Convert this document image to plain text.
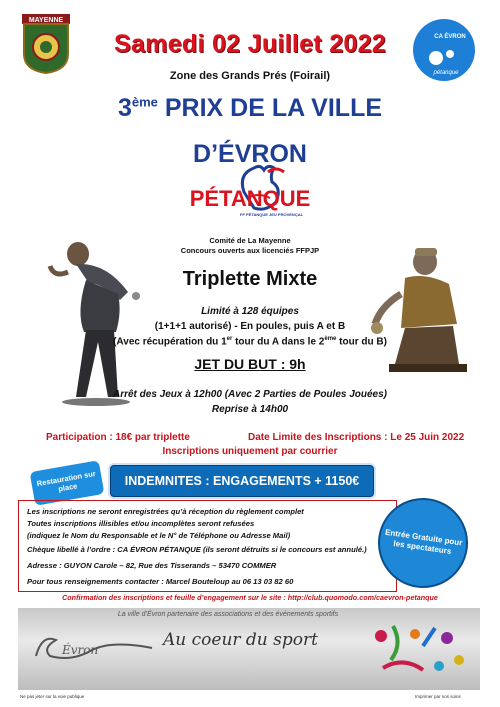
MAYENNE
CA ÉVRON
pétanque
Samedi 02 Juillet 2022
Zone des Grands Prés (Foirail)
3ème PRIX DE LA VILLE
D’ÉVRON
PÉTANQUE
FF PÉTANQUE JEU PROVENÇAL
Comité de La Mayenne
Concours ouverts aux licenciés FFPJP
Triplette Mixte
Limité à 128 équipes
(1+1+1 autorisé) - En poules, puis A et B
(Avec récupération du 1er tour du A dans le 2ème tour du B)
JET DU BUT : 9h
Arrêt des Jeux à 12h00 (Avec 2 Parties de Poules Jouées)
Reprise à 14h00
Participation : 18€ par triplette	Date Limite des Inscriptions : Le 25 Juin 2022
Inscriptions uniquement par courrier
Restauration sur place	INDEMNITES : ENGAGEMENTS + 1150€
Les inscriptions ne seront enregistrées qu’à réception du règlement complet
Toutes inscriptions illisibles et/ou incomplètes seront refusées
(indiquez le Nom du Responsable et le N° de Téléphone ou Adresse Mail)
Chèque libellé à l’ordre : CA ÉVRON PÉTANQUE (ils seront détruits si le concours est annulé.)
Adresse : GUYON Carole – 82, Rue des Tisserands – 53470 COMMER
Pour tous renseignements contacter : Marcel Bouteloup au 06 13 03 82 60
Entrée Gratuite pour les spectateurs
Confirmation des inscriptions et feuille d’engagement sur le site : http://club.quomodo.com/caevron-petanque
La ville d’Évron partenaire des associations et des événements sportifs
Évron	Au coeur du sport
Ne pas jeter sur la voie publique	Imprimer par nos soins
